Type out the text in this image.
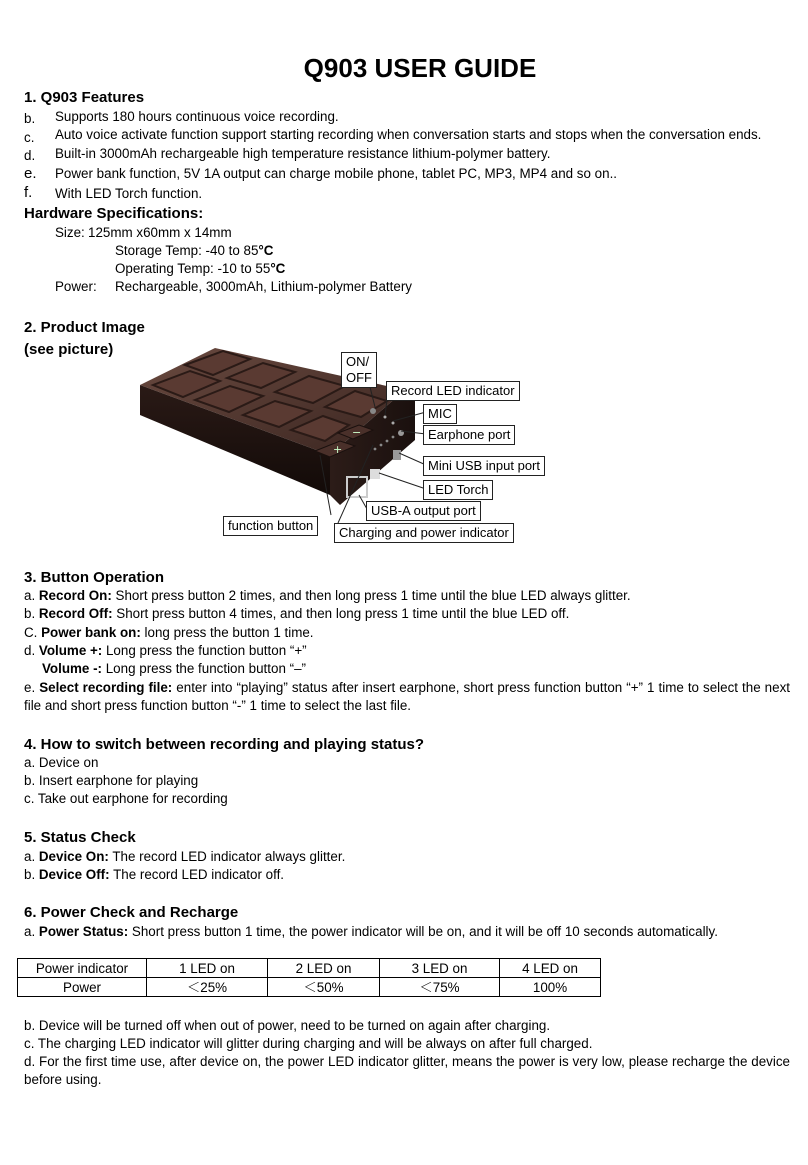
Q903 USER GUIDE
1. Q903 Features
b. Supports 180 hours continuous voice recording.
c. Auto voice activate function support starting recording when conversation starts and stops when the conversation ends.
d. Built-in 3000mAh rechargeable high temperature resistance lithium-polymer battery.
e. Power bank function, 5V 1A output can charge mobile phone, tablet PC, MP3, MP4 and so on..
f. With LED Torch function.
Hardware Specifications:
Size: 125mm x60mm x 14mm
Storage Temp: -40 to 85°C
Operating Temp: -10 to 55°C
Power: Rechargeable, 3000mAh, Lithium-polymer Battery
2. Product Image
(see picture)
+
−
ON/
OFF
Record LED indicator
MIC
Earphone port
Mini USB input port
LED Torch
USB-A output port
function button	Charging and power indicator
3. Button Operation
a. Record On: Short press button 2 times, and then long press 1 time until the blue LED always glitter.
b. Record Off: Short press button 4 times, and then long press 1 time until the blue LED off.
C. Power bank on: long press the button 1 time.
d. Volume +: Long press the function button “+”
Volume -: Long press the function button “–”
e. Select recording file: enter into “playing” status after insert earphone, short press function button “+” 1 time to select the next file and short press function button “-” 1 time to select the last file.
4. How to switch between recording and playing status?
a. Device on
b. Insert earphone for playing
c. Take out earphone for recording
5. Status Check
a. Device On: The record LED indicator always glitter.
b. Device Off: The record LED indicator off.
6. Power Check and Recharge
a. Power Status: Short press button 1 time, the power indicator will be on, and it will be off 10 seconds automatically.
Power indicator	1 LED on	2 LED on	3 LED on	4 LED on
Power	＜25%	＜50%	＜75%	100%
b. Device will be turned off when out of power, need to be turned on again after charging.
c. The charging LED indicator will glitter during charging and will be always on after full charged.
d. For the first time use, after device on, the power LED indicator glitter, means the power is very low, please recharge the device before using.
